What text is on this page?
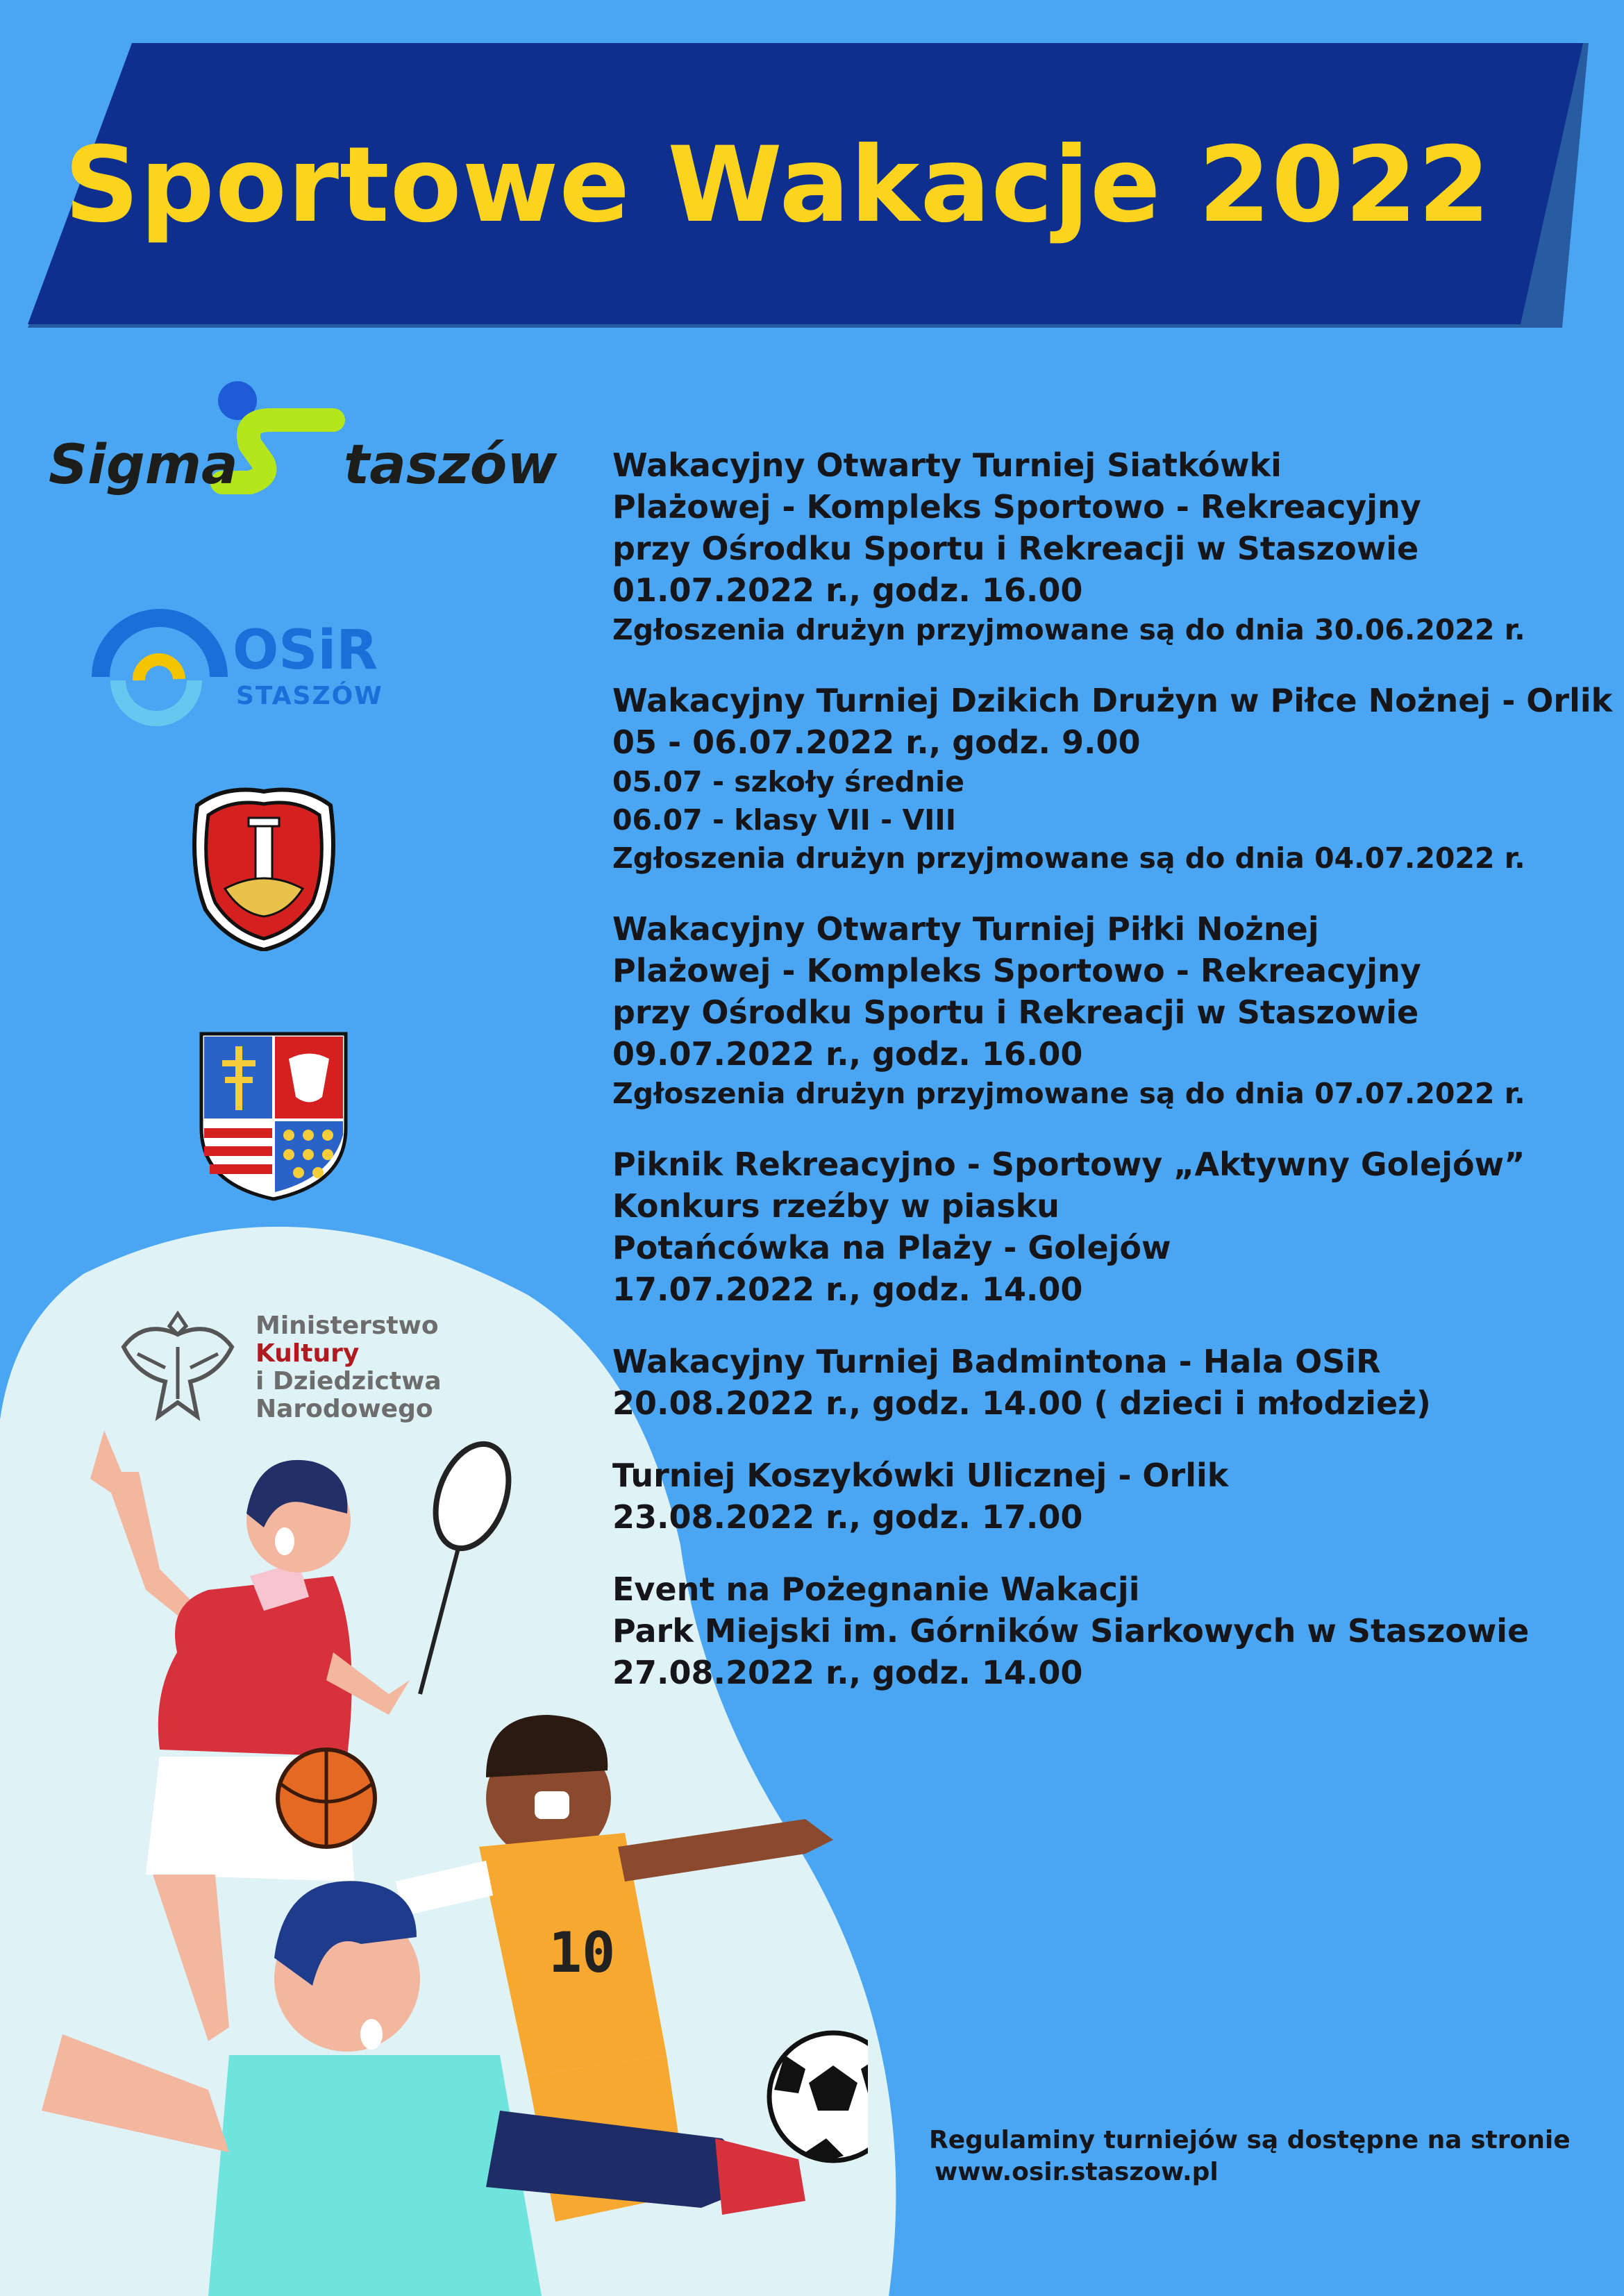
Sportowe Wakacje 2022
Sigma taszów
OSiR
STASZÓW
Ministerstwo
Kultury
i Dziedzictwa
Narodowego
10
Wakacyjny Otwarty Turniej Siatkówki
Plażowej - Kompleks Sportowo - Rekreacyjny
przy Ośrodku Sportu i Rekreacji w Staszowie
01.07.2022 r., godz. 16.00
Zgłoszenia drużyn przyjmowane są do dnia 30.06.2022 r.
Wakacyjny Turniej Dzikich Drużyn w Piłce Nożnej - Orlik
05 - 06.07.2022 r., godz. 9.00
05.07 - szkoły średnie
06.07 - klasy VII - VIII
Zgłoszenia drużyn przyjmowane są do dnia 04.07.2022 r.
Wakacyjny Otwarty Turniej Piłki Nożnej
Plażowej - Kompleks Sportowo - Rekreacyjny
przy Ośrodku Sportu i Rekreacji w Staszowie
09.07.2022 r., godz. 16.00
Zgłoszenia drużyn przyjmowane są do dnia 07.07.2022 r.
Piknik Rekreacyjno - Sportowy „Aktywny Golejów”
Konkurs rzeźby w piasku
Potańcówka na Plaży - Golejów
17.07.2022 r., godz. 14.00
Wakacyjny Turniej Badmintona - Hala OSiR
20.08.2022 r., godz. 14.00 ( dzieci i młodzież)
Turniej Koszykówki Ulicznej - Orlik
23.08.2022 r., godz. 17.00
Event na Pożegnanie Wakacji
Park Miejski im. Górników Siarkowych w Staszowie
27.08.2022 r., godz. 14.00
Regulaminy turniejów są dostępne na stronie
www.osir.staszow.pl
